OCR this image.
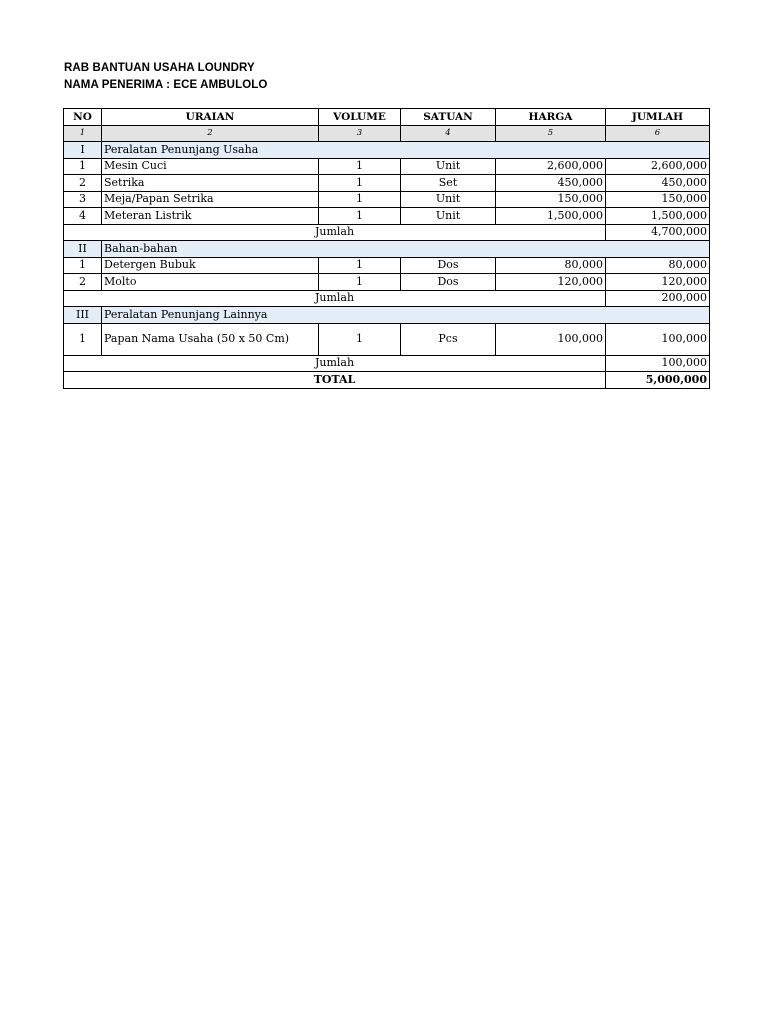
RAB BANTUAN USAHA LOUNDRY
NAMA PENERIMA : ECE AMBULOLO
NO	URAIAN	VOLUME	SATUAN	HARGA	JUMLAH
1	2	3	4	5	6
I	Peralatan Penunjang Usaha				
1	Mesin Cuci	1	Unit	2,600,000	2,600,000
2	Setrika	1	Set	450,000	450,000
3	Meja/Papan Setrika	1	Unit	150,000	150,000
4	Meteran Listrik	1	Unit	1,500,000	1,500,000
Jumlah					4,700,000
II	Bahan-bahan				
1	Detergen Bubuk	1	Dos	80,000	80,000
2	Molto	1	Dos	120,000	120,000
Jumlah					200,000
III	Peralatan Penunjang Lainnya				
1	Papan Nama Usaha (50 x 50 Cm)	1	Pcs	100,000	100,000
Jumlah					100,000
TOTAL					5,000,000
